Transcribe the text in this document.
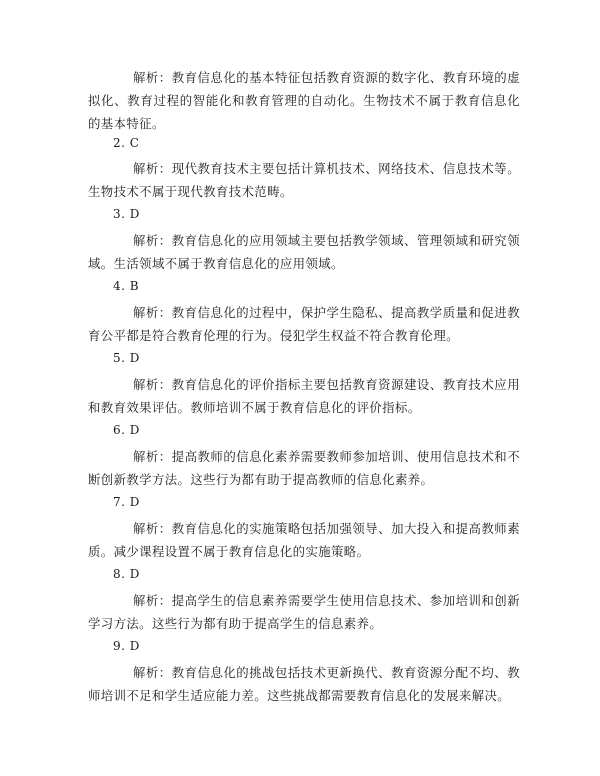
解析：教育信息化的基本特征包括教育资源的数字化、教育环境的虚拟化、教育过程的智能化和教育管理的自动化。生物技术不属于教育信息化的基本特征。
2. C
解析：现代教育技术主要包括计算机技术、网络技术、信息技术等。生物技术不属于现代教育技术范畴。
3. D
解析：教育信息化的应用领域主要包括教学领域、管理领域和研究领域。生活领域不属于教育信息化的应用领域。
4. B
解析：教育信息化的过程中，保护学生隐私、提高教学质量和促进教育公平都是符合教育伦理的行为。侵犯学生权益不符合教育伦理。
5. D
解析：教育信息化的评价指标主要包括教育资源建设、教育技术应用和教育效果评估。教师培训不属于教育信息化的评价指标。
6. D
解析：提高教师的信息化素养需要教师参加培训、使用信息技术和不断创新教学方法。这些行为都有助于提高教师的信息化素养。
7. D
解析：教育信息化的实施策略包括加强领导、加大投入和提高教师素质。减少课程设置不属于教育信息化的实施策略。
8. D
解析：提高学生的信息素养需要学生使用信息技术、参加培训和创新学习方法。这些行为都有助于提高学生的信息素养。
9. D
解析：教育信息化的挑战包括技术更新换代、教育资源分配不均、教师培训不足和学生适应能力差。这些挑战都需要教育信息化的发展来解决。
